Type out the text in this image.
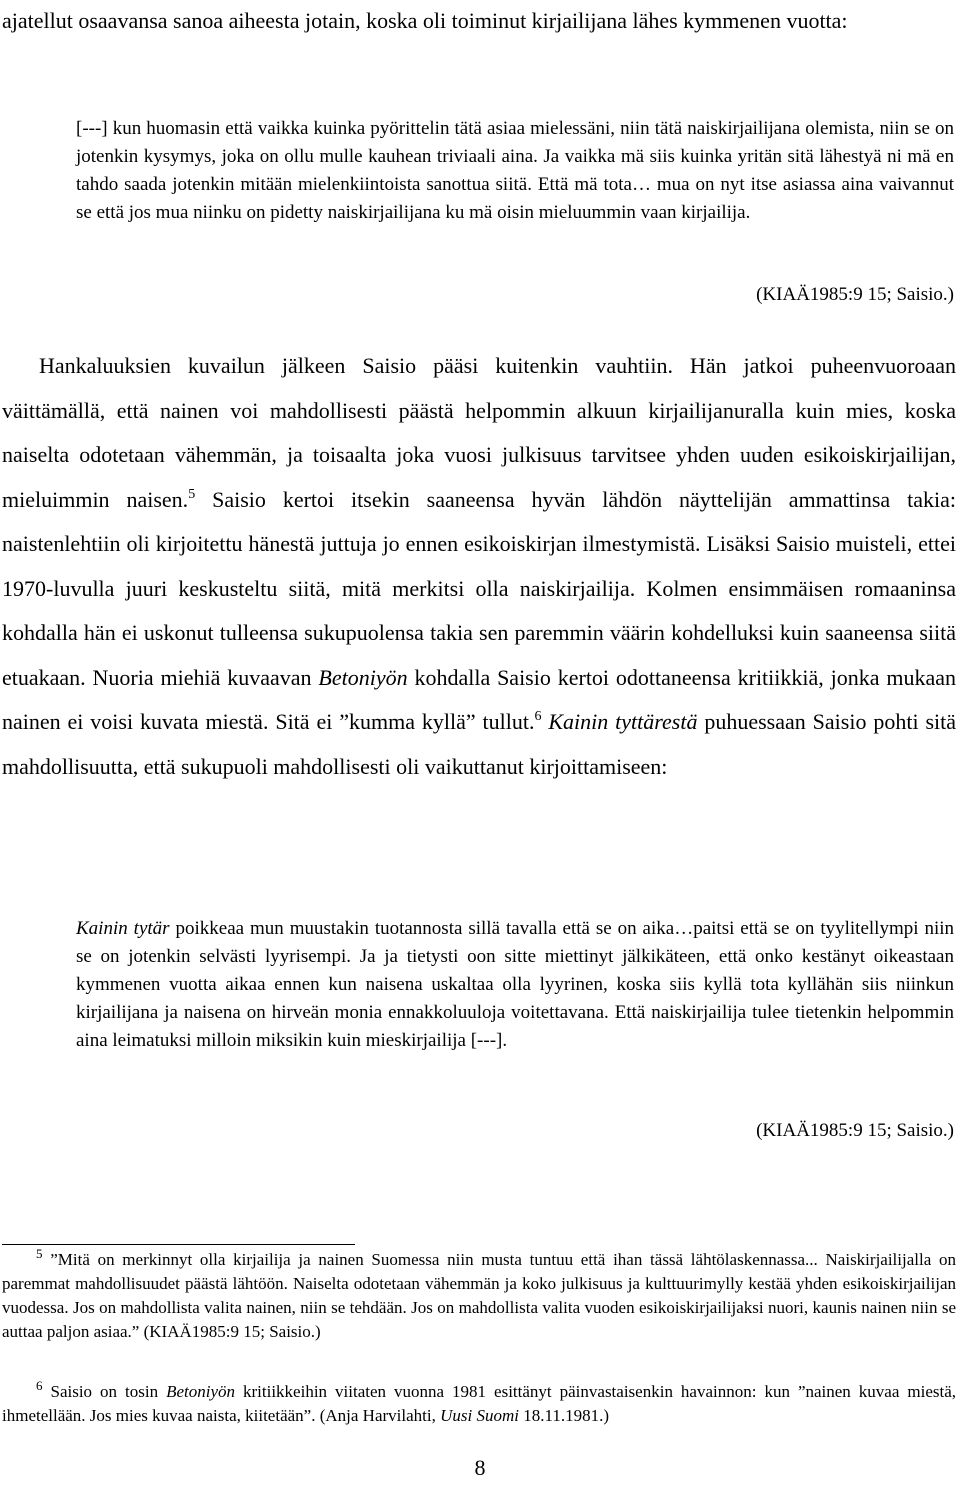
ajatellut osaavansa sanoa aiheesta jotain, koska oli toiminut kirjailijana lähes kymmenen vuotta:

[---] kun huomasin että vaikka kuinka pyörittelin tätä asiaa mielessäni, niin tätä naiskirjailijana olemista, niin se on jotenkin kysymys, joka on ollu mulle kauhean triviaali aina. Ja vaikka mä siis kuinka yritän sitä lähestyä ni mä en tahdo saada jotenkin mitään mielenkiintoista sanottua siitä. Että mä tota… mua on nyt itse asiassa aina vaivannut se että jos mua niinku on pidetty naiskirjailijana ku mä oisin mieluummin vaan kirjailija.
(KIAÄ1985:9 15; Saisio.)

Hankaluuksien kuvailun jälkeen Saisio pääsi kuitenkin vauhtiin. Hän jatkoi puheenvuoroaan väittämällä, että nainen voi mahdollisesti päästä helpommin alkuun kirjailijanuralla kuin mies, koska naiselta odotetaan vähemmän, ja toisaalta joka vuosi julkisuus tarvitsee yhden uuden esikoiskirjailijan, mieluimmin naisen.$^5$ Saisio kertoi itsekin saaneensa hyvän lähdön näyttelijän ammattinsa takia: naistenlehtiin oli kirjoitettu hänestä juttuja jo ennen esikoiskirjan ilmestymistä. Lisäksi Saisio muisteli, ettei 1970-luvulla juuri keskusteltu siitä, mitä merkitsi olla naiskirjailija. Kolmen ensimmäisen romaaninsa kohdalla hän ei uskonut tulleensa sukupuolensa takia sen paremmin väärin kohdelluksi kuin saaneensa siitä etuakaan. Nuoria miehiä kuvaavan Betoniyön kohdalla Saisio kertoi odottaneensa kritiikkiä, jonka mukaan nainen ei voisi kuvata miestä. Sitä ei ”kumma kyllä” tullut.$^6$ Kainin tyttärestä puhuessaan Saisio pohti sitä mahdollisuutta, että sukupuoli mahdollisesti oli vaikuttanut kirjoittamiseen:

Kainin tytär poikkeaa mun muustakin tuotannosta sillä tavalla että se on aika…paitsi että se on tyylitellympi niin se on jotenkin selvästi lyyrisempi. Ja ja tietysti oon sitte miettinyt jälkikäteen, että onko kestänyt oikeastaan kymmenen vuotta aikaa ennen kun naisena uskaltaa olla lyyrinen, koska siis kyllä tota kyllähän siis niinkun kirjailijana ja naisena on hirveän monia ennakkoluuloja voitettavana. Että naiskirjailija tulee tietenkin helpommin aina leimatuksi milloin miksikin kuin mieskirjailija [---].
(KIAÄ1985:9 15; Saisio.)
$^5$ ”Mitä on merkinnyt olla kirjailija ja nainen Suomessa niin musta tuntuu että ihan tässä lähtölaskennassa... Naiskirjailijalla on paremmat mahdollisuudet päästä lähtöön. Naiselta odotetaan vähemmän ja koko julkisuus ja kulttuurimylly kestää yhden esikoiskirjailijan vuodessa. Jos on mahdollista valita nainen, niin se tehdään. Jos on mahdollista valita vuoden esikoiskirjailijaksi nuori, kaunis nainen niin se auttaa paljon asiaa.” (KIAÄ1985:9 15; Saisio.)
$^6$ Saisio on tosin Betoniyön kritiikkeihin viitaten vuonna 1981 esittänyt päinvastaisenkin havainnon: kun ”nainen kuvaa miestä, ihmetellään. Jos mies kuvaa naista, kiitetään”. (Anja Harvilahti, Uusi Suomi 18.11.1981.)
8
